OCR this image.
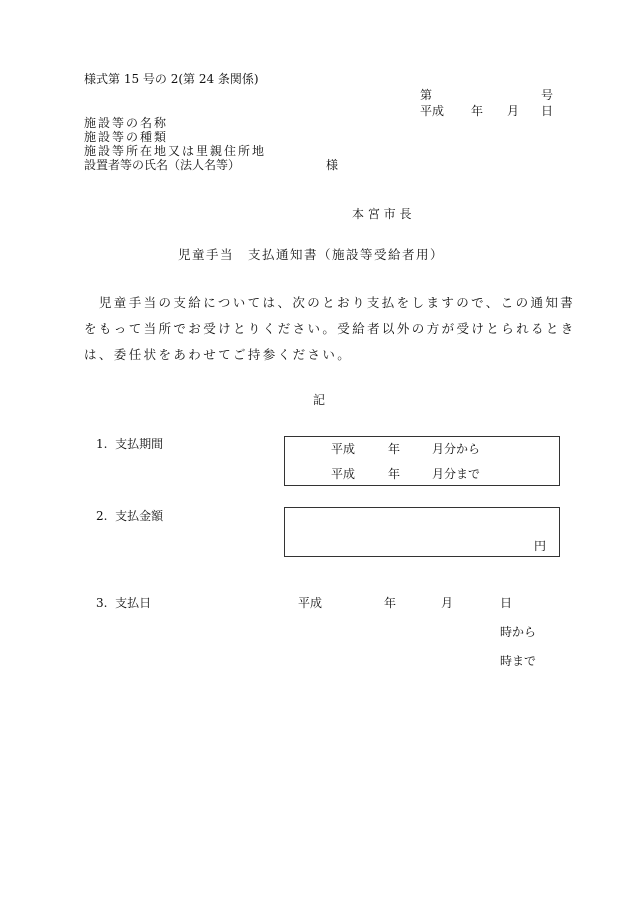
様式第 15 号の 2(第 24 条関係)
第	号
平成 年 月 日
施設等の名称
施設等の種類
施設等所在地又は里親住所地
設置者等の氏名（法人名等）	様
本 宮 市 長
児童手当　支払通知書（施設等受給者用）
　児童手当の支給については、次のとおり支払をしますので、この通知書
をもって当所でお受けとりください。受給者以外の方が受けとられるとき
は、委任状をあわせてご持参ください。
記
1.  支払期間	平成	年	月分から
平成	年	月分まで
2.  支払金額
円
3.  支払日	平成	年	月	日
時から
時まで
